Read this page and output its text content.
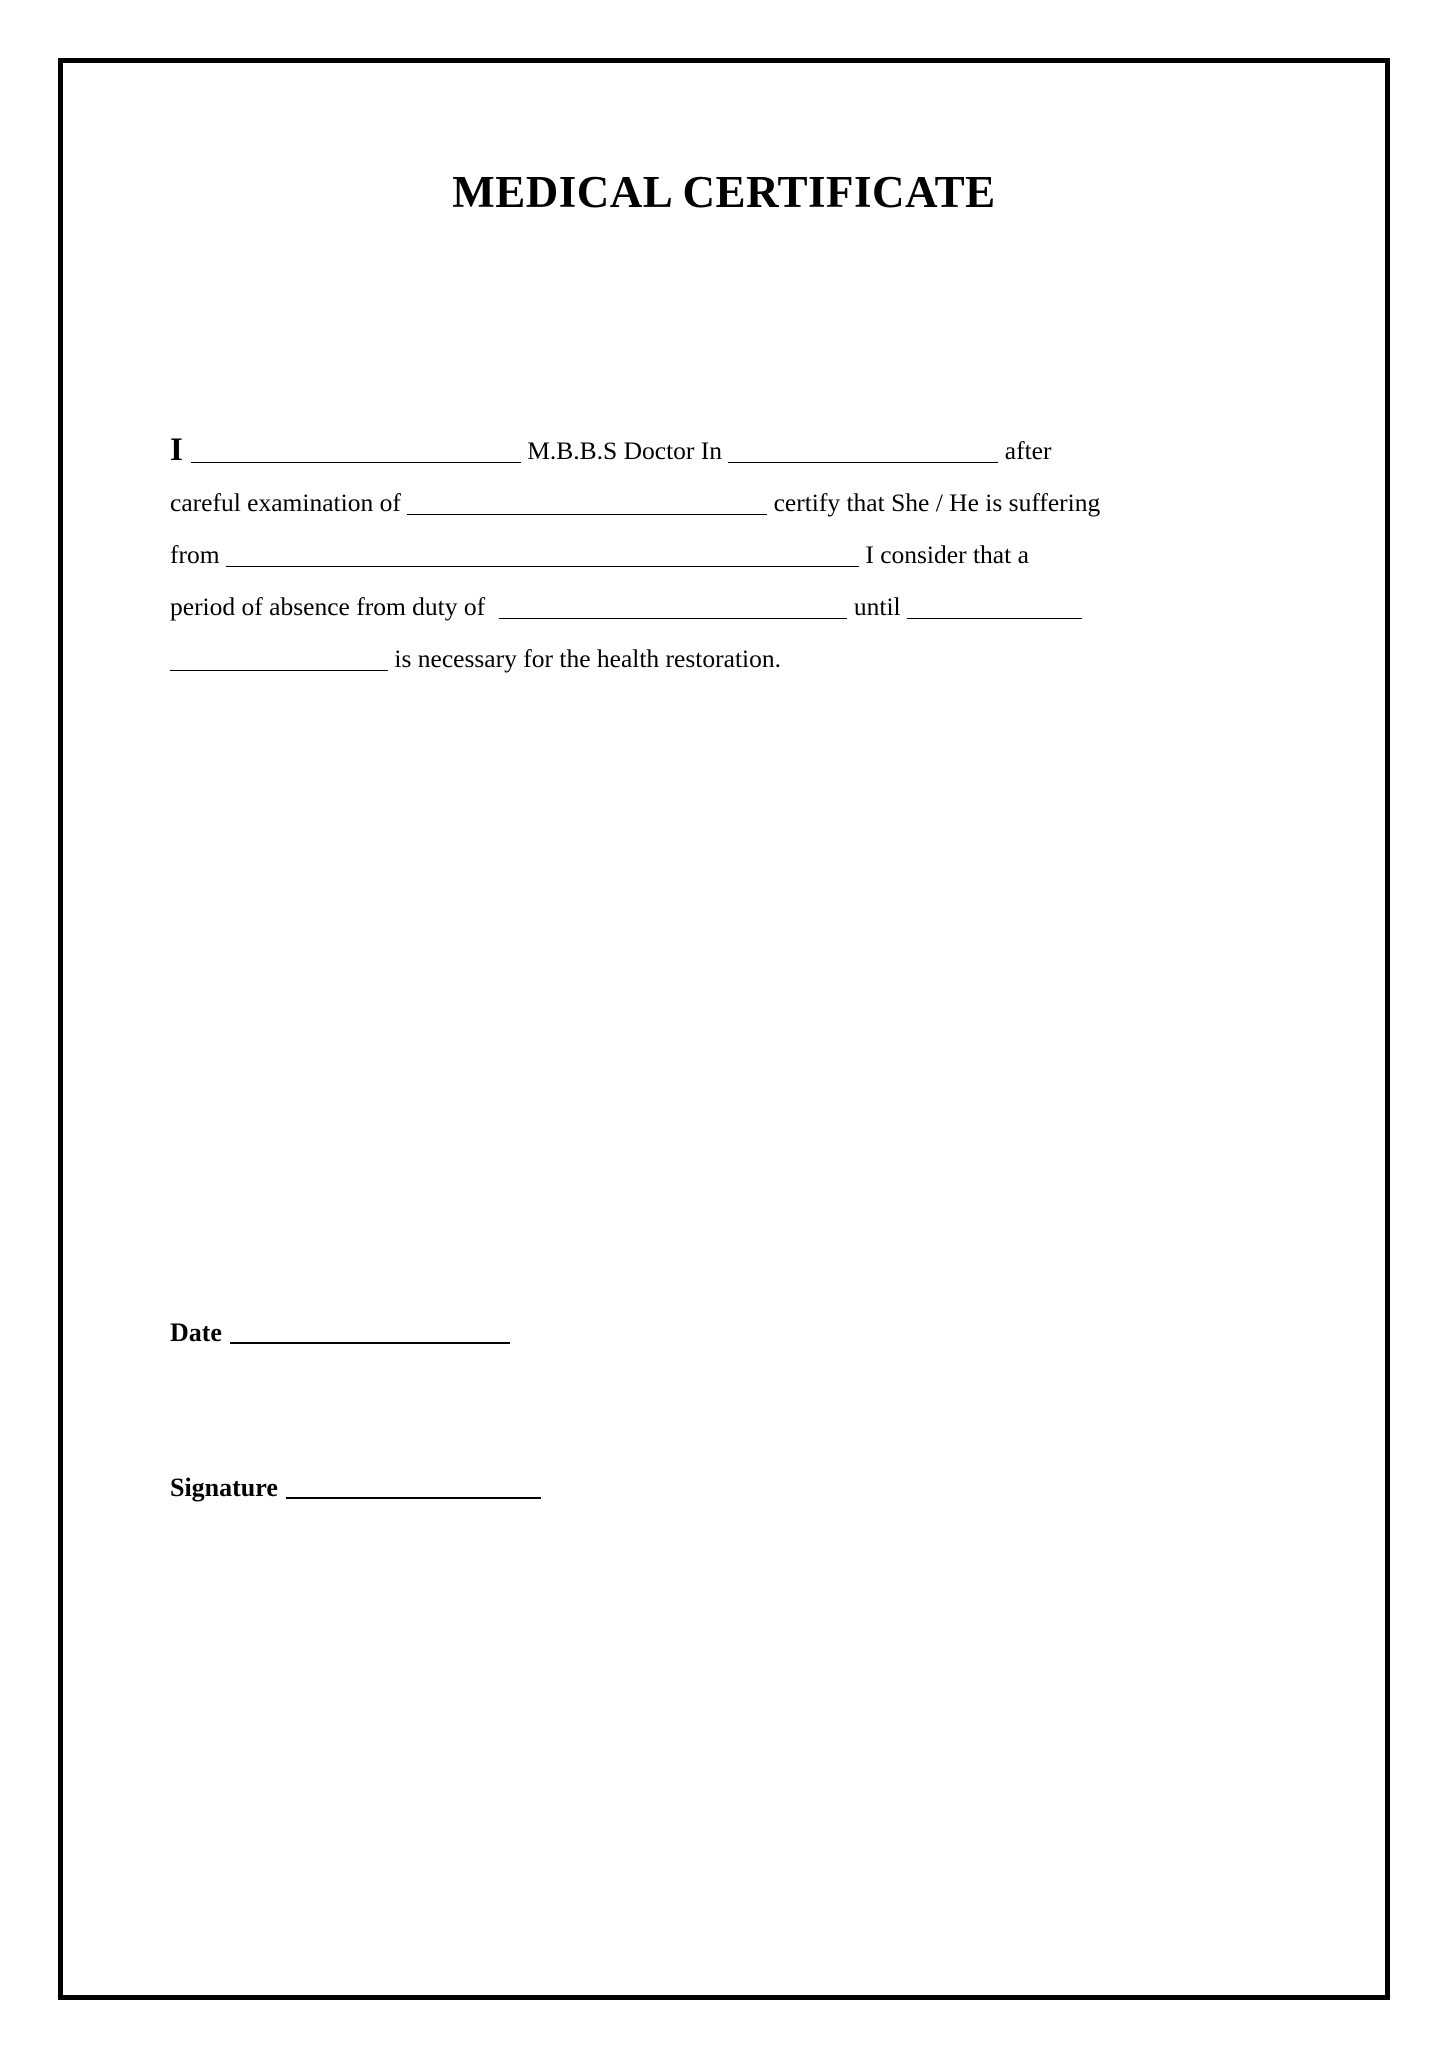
MEDICAL CERTIFICATE
I	M.B.B.S Doctor In	after
careful examination of	certify that She / He is suffering
from	I consider that a
period of absence from duty of	until
is necessary for the health restoration.
Date
Signature
